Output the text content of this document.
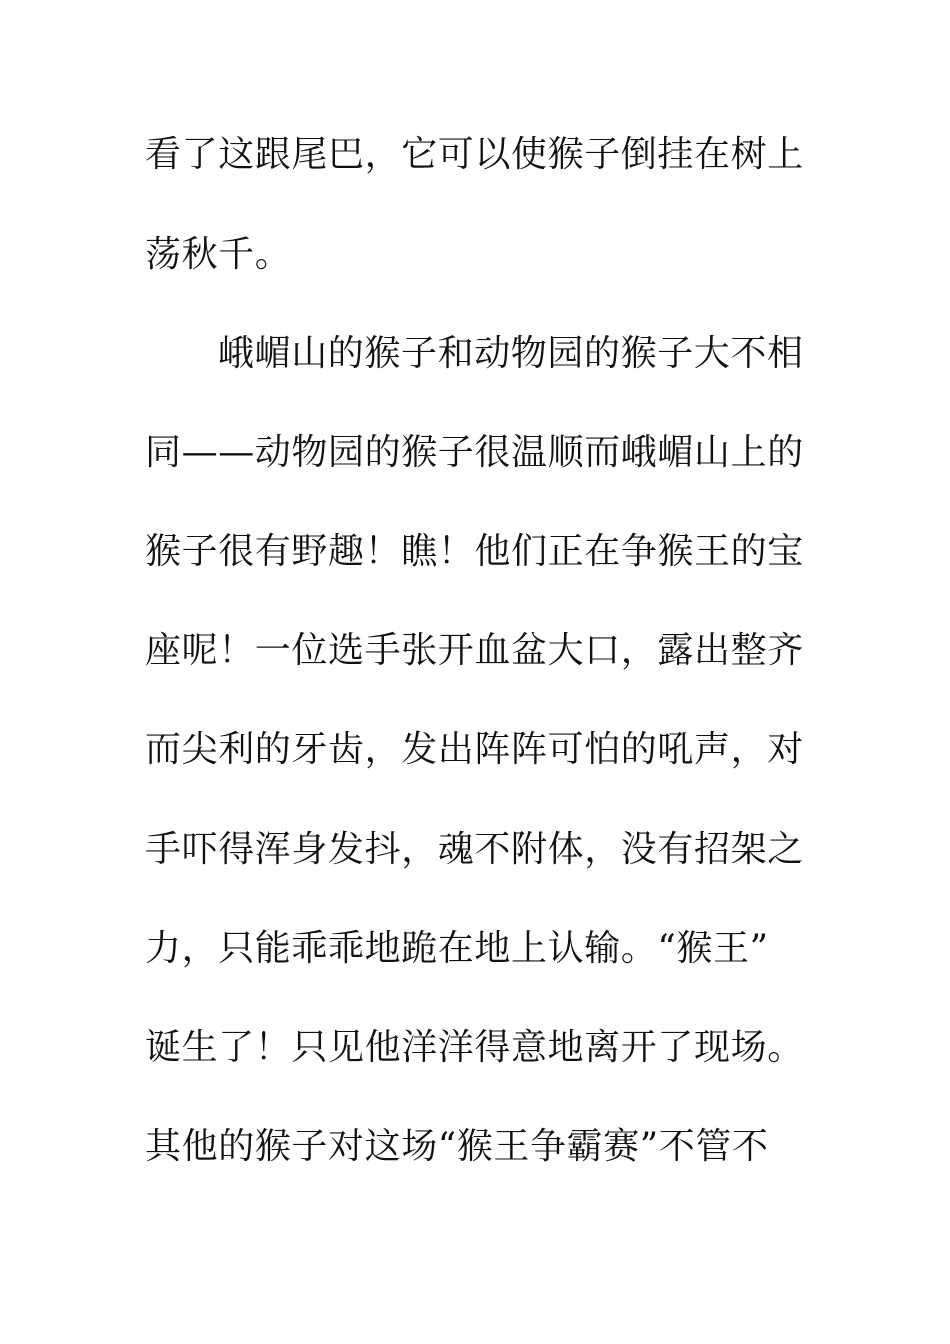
看了这跟尾巴，它可以使猴子倒挂在树上
荡秋千。
峨嵋山的猴子和动物园的猴子大不相
同——动物园的猴子很温顺而峨嵋山上的
猴子很有野趣！瞧！他们正在争猴王的宝
座呢！一位选手张开血盆大口，露出整齐
而尖利的牙齿，发出阵阵可怕的吼声，对
手吓得浑身发抖，魂不附体，没有招架之
力，只能乖乖地跪在地上认输。“猴王”
诞生了！只见他洋洋得意地离开了现场。
其他的猴子对这场“猴王争霸赛”不管不
